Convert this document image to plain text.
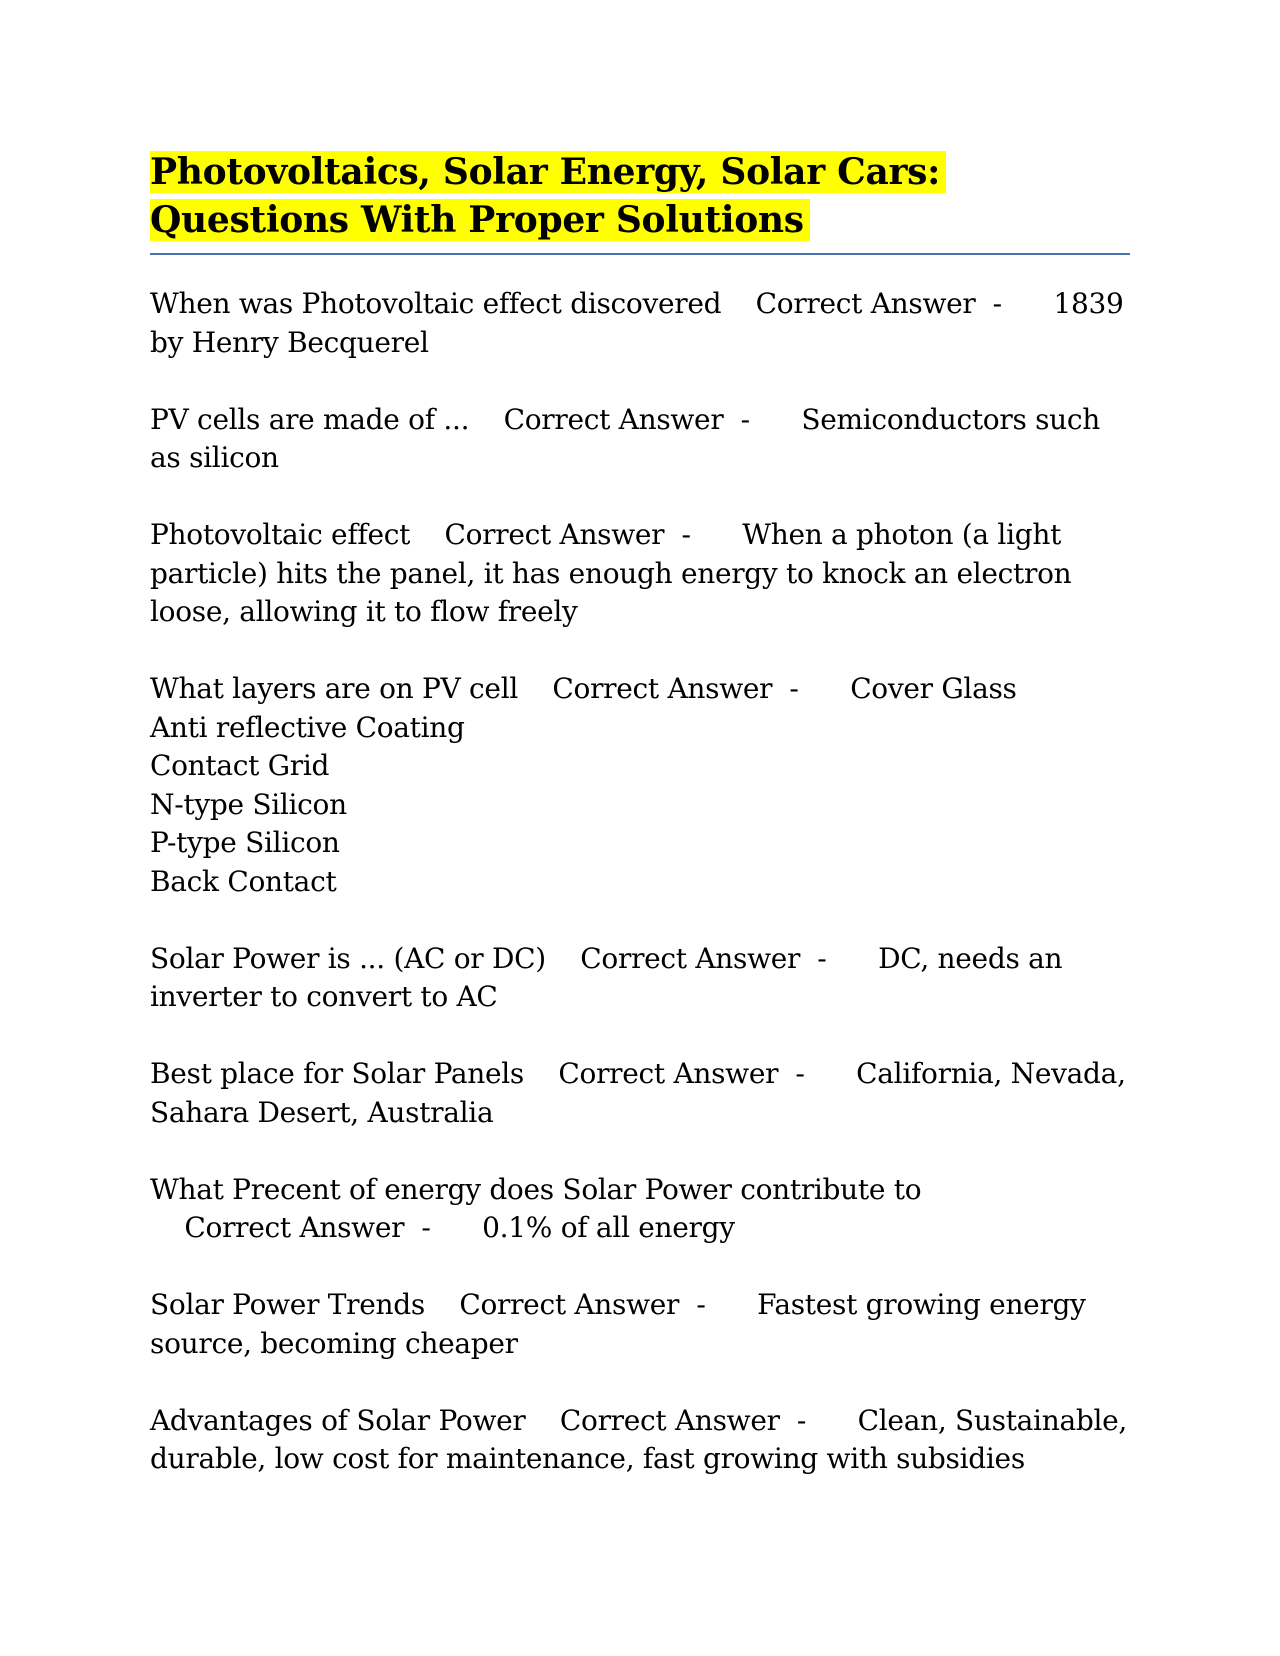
Photovoltaics, Solar Energy, Solar Cars: Questions With Proper Solutions

When was Photovoltaic effect discovered    Correct Answer  -      1839 by Henry Becquerel

PV cells are made of ...    Correct Answer  -      Semiconductors such as silicon

Photovoltaic effect    Correct Answer  -      When a photon (a light particle) hits the panel, it has enough energy to knock an electron loose, allowing it to flow freely

What layers are on PV cell    Correct Answer  -      Cover Glass
Anti reflective Coating
Contact Grid
N-type Silicon
P-type Silicon
Back Contact

Solar Power is ... (AC or DC)    Correct Answer  -      DC, needs an inverter to convert to AC

Best place for Solar Panels    Correct Answer  -      California, Nevada, Sahara Desert, Australia

What Precent of energy does Solar Power contribute to    Correct Answer  -      0.1% of all energy

Solar Power Trends    Correct Answer  -      Fastest growing energy source, becoming cheaper

Advantages of Solar Power    Correct Answer  -      Clean, Sustainable, durable, low cost for maintenance, fast growing with subsidies
